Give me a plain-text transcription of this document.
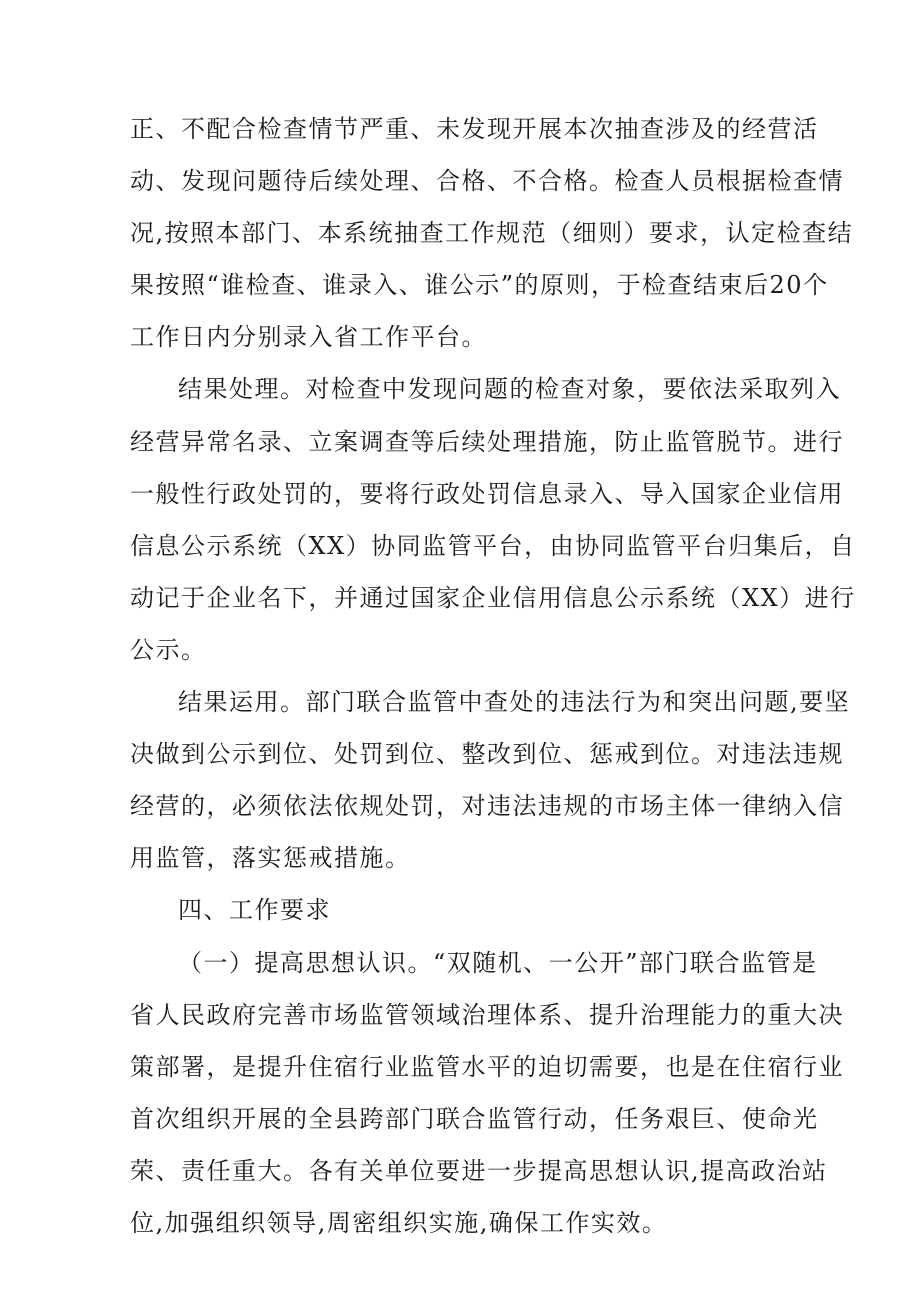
正、不配合检查情节严重、未发现开展本次抽查涉及的经营活
动、发现问题待后续处理、合格、不合格。检查人员根据检查情
况,按照本部门、本系统抽查工作规范（细则）要求，认定检查结
果按照“谁检查、谁录入、谁公示”的原则，于检查结束后20个
工作日内分别录入省工作平台。
结果处理。对检查中发现问题的检查对象，要依法采取列入
经营异常名录、立案调查等后续处理措施，防止监管脱节。进行
一般性行政处罚的，要将行政处罚信息录入、导入国家企业信用
信息公示系统（XX）协同监管平台，由协同监管平台归集后，自
动记于企业名下，并通过国家企业信用信息公示系统（XX）进行
公示。
结果运用。部门联合监管中查处的违法行为和突出问题,要坚
决做到公示到位、处罚到位、整改到位、惩戒到位。对违法违规
经营的，必须依法依规处罚，对违法违规的市场主体一律纳入信
用监管，落实惩戒措施。
四、工作要求
（一）提高思想认识。“双随机、一公开”部门联合监管是
省人民政府完善市场监管领域治理体系、提升治理能力的重大决
策部署，是提升住宿行业监管水平的迫切需要，也是在住宿行业
首次组织开展的全县跨部门联合监管行动，任务艰巨、使命光
荣、责任重大。各有关单位要进一步提高思想认识,提高政治站
位,加强组织领导,周密组织实施,确保工作实效。
